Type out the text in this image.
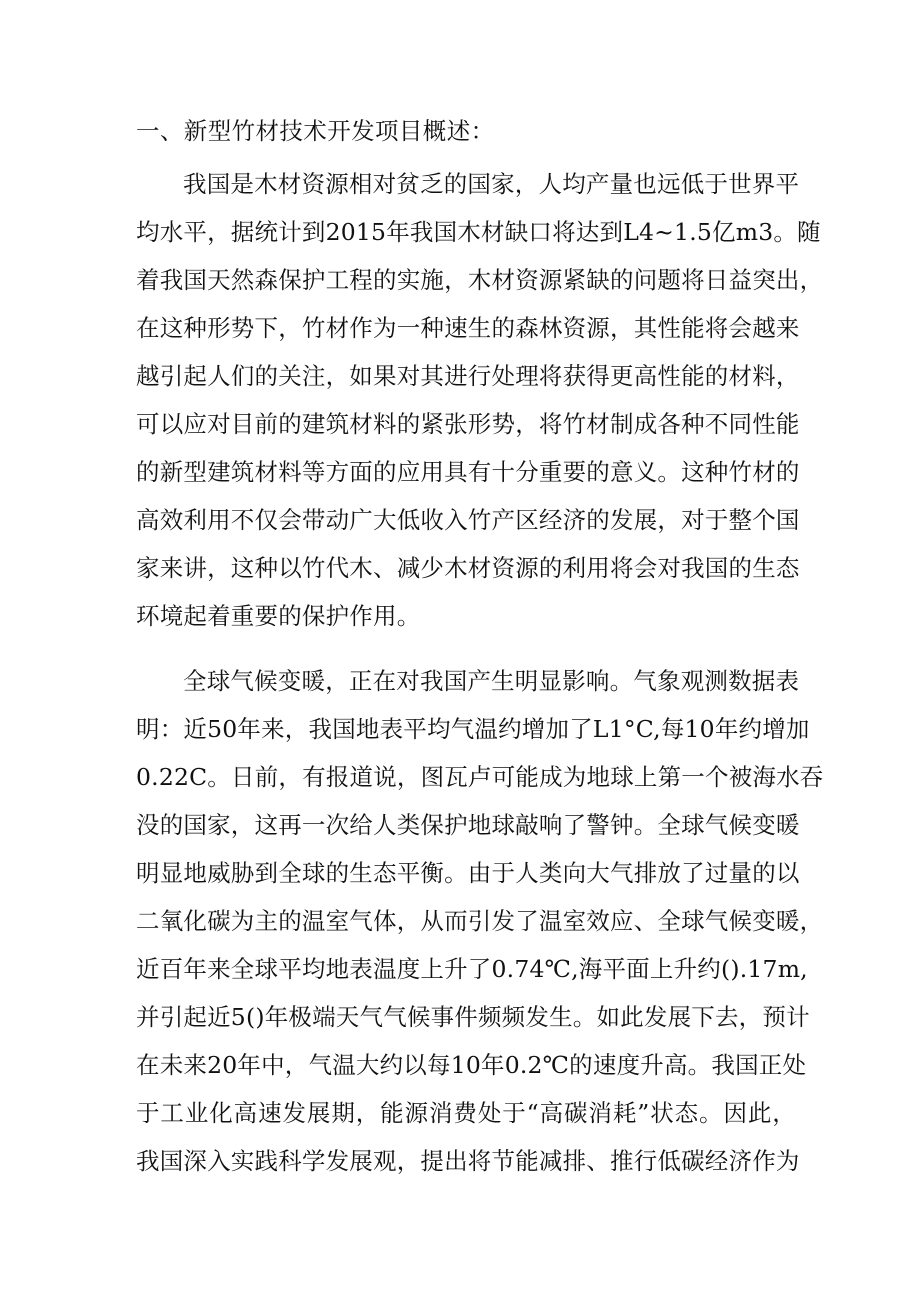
一、新型竹材技术开发项目概述：
我国是木材资源相对贫乏的国家，人均产量也远低于世界平
均水平，据统计到2015年我国木材缺口将达到L4~1.5亿m3。随
着我国天然森保护工程的实施，木材资源紧缺的问题将日益突出，
在这种形势下，竹材作为一种速生的森林资源，其性能将会越来
越引起人们的关注，如果对其进行处理将获得更高性能的材料，
可以应对目前的建筑材料的紧张形势，将竹材制成各种不同性能
的新型建筑材料等方面的应用具有十分重要的意义。这种竹材的
高效利用不仅会带动广大低收入竹产区经济的发展，对于整个国
家来讲，这种以竹代木、减少木材资源的利用将会对我国的生态
环境起着重要的保护作用。
全球气候变暖，正在对我国产生明显影响。气象观测数据表
明：近50年来，我国地表平均气温约增加了L1°C,每10年约增加
0.22C。日前，有报道说，图瓦卢可能成为地球上第一个被海水吞
没的国家，这再一次给人类保护地球敲响了警钟。全球气候变暖
明显地威胁到全球的生态平衡。由于人类向大气排放了过量的以
二氧化碳为主的温室气体，从而引发了温室效应、全球气候变暖，
近百年来全球平均地表温度上升了0.74℃,海平面上升约().17m,
并引起近5()年极端天气气候事件频频发生。如此发展下去，预计
在未来20年中，气温大约以每10年0.2℃的速度升高。我国正处
于工业化高速发展期，能源消费处于“高碳消耗”状态。因此，
我国深入实践科学发展观，提出将节能减排、推行低碳经济作为
